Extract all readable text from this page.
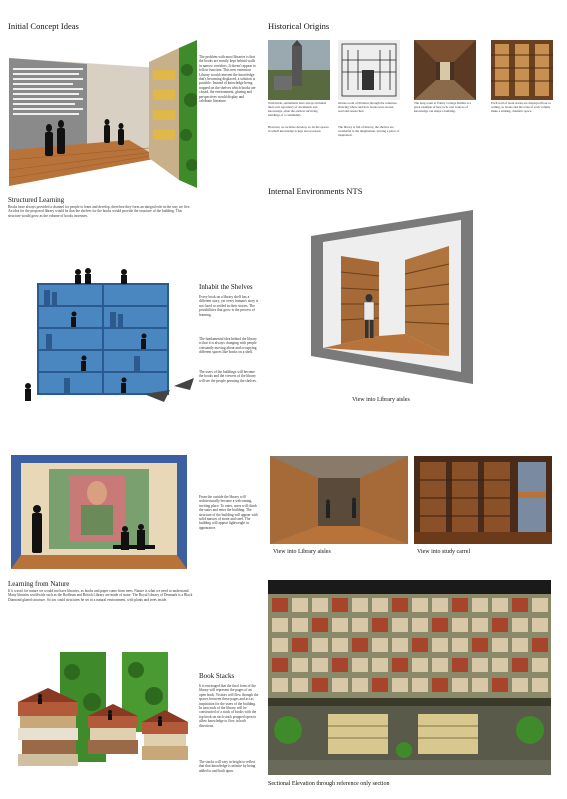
Initial Concept Ideas
The problem with most libraries is that the books are mostly kept behind walls in narrow corridors. It doesn't appear to follow function. This new extension Library would reinvent the knowledge that's becoming displaced, a solution is possible. Instead of knowledge being trapped on the shelves which books are closed, the environment, glazing and perspectives would display and celebrate literature.
Structured Learning
Books have always provided a channel for people to learn and develop, therefore they form an integral role in the way we live. An idea for the proposed library would be that the shelves for the books would provide the structure of the building. This structure would grow as the volume of books increases.
Historical Origins
Worldwide, settlements have always included their own repository of documents and knowledge, often the earliest surviving buildings of a community.
Ornate room of libraries through the centuries, showing where and how books were stored, read and researched.
The long room at Trinity College Dublin is a great example of how rich, vast sources of knowledge can shape a building.
Each wall of book stacks are displayed floor to ceiling, so books and the scale of each volume make a striking, dramatic space.
However, as societies develop, so do the spaces in which knowledge is kept and accessed.
The library is full of history, the shelves are wonderful to the imagination, leaving a place of inspiration.
Internal Environments NTS
View into Library aisles
View into Library aisles	View into study carrel
Inhabit the Shelves
Every book on a library shelf has a different story, yet every human's story is not fixed or settled in their stories. The possibilities that grow is the process of learning.
The fundamental idea behind the library is that it is always changing with people constantly moving about and occupying different spaces like books on a shelf.
The users of the buildings will become the books and the viewers of the library will see the people perusing the shelves.
From the outside the library will architecturally become a welcoming, inviting place. To enter, users will climb the stairs and enter the building. The structure of the building will appear with solid masses of stone and steel. The building will appear lightweight in appearance.
Learning from Nature
If it wasn't for nature we would not have libraries, as books and paper come from trees. Nature is what we need to understand. Many libraries worldwide such as the Bodleian and British Library are made of stone. The Royal Library of Denmark is a Black Diamond glazed structure. So too could structures be set in a natural environment, with plants and trees inside.
Book Stacks
It is envisaged that the final form of the library will represent the pages of an open book. Visitors will flow through the spaces between these pages and act as inspiration for the users of the building. In turn each of the library will be constructed of a stack of books with the top book on each stack propped open to allow knowledge to flow in both directions.
The stacks will vary in height to reflect that that knowledge is infinite by being added to and built upon.
Sectional Elevation through reference only section
